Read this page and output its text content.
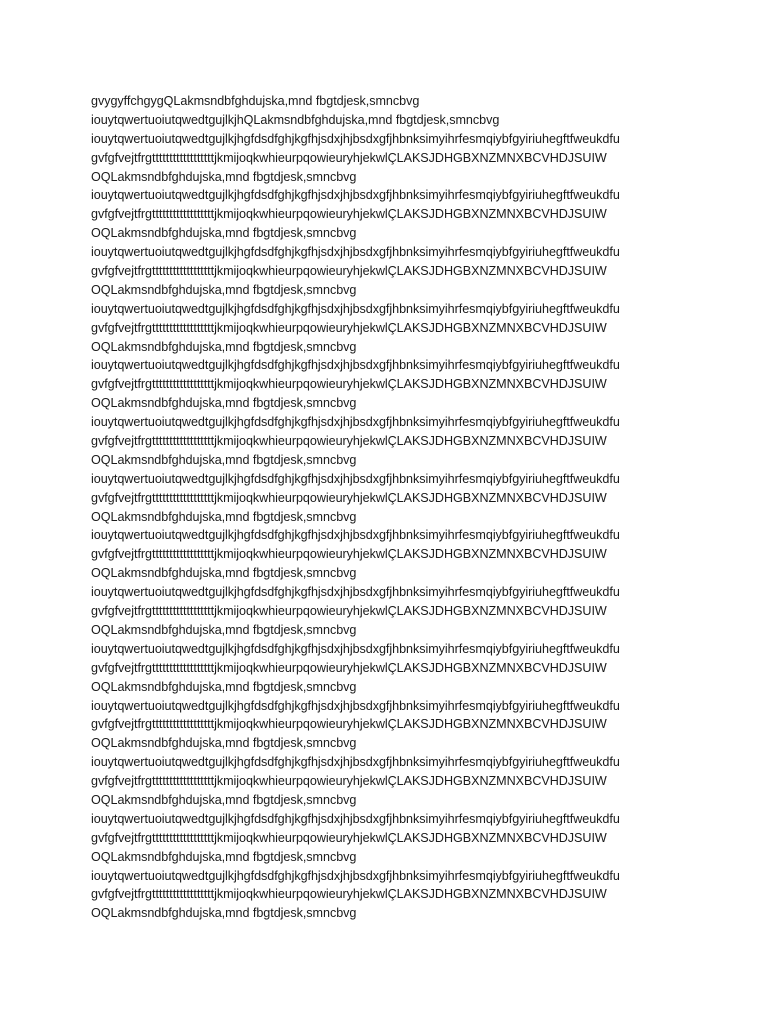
gvygyffchgygQLakmsndbfghdujska,mnd fbgtdjesk,smncbvg
iouytqwertuoiutqwedtgujlkjhQLakmsndbfghdujska,mnd fbgtdjesk,smncbvg
iouytqwertuoiutqwedtgujlkjhgfdsdfghjkgfhjsdxjhjbsdxgfjhbnksimyihrfesmqiybfgyiriuhegftfweukdfu
gvfgfvejtfrgttttttttttttttttttjkmijoqkwhieurpqowieuryhjekwlÇLAKSJDHGBXNZMNXBCVHDJSUIW
OQLakmsndbfghdujska,mnd fbgtdjesk,smncbvg
iouytqwertuoiutqwedtgujlkjhgfdsdfghjkgfhjsdxjhjbsdxgfjhbnksimyihrfesmqiybfgyiriuhegftfweukdfu
gvfgfvejtfrgttttttttttttttttttjkmijoqkwhieurpqowieuryhjekwlÇLAKSJDHGBXNZMNXBCVHDJSUIW
OQLakmsndbfghdujska,mnd fbgtdjesk,smncbvg
iouytqwertuoiutqwedtgujlkjhgfdsdfghjkgfhjsdxjhjbsdxgfjhbnksimyihrfesmqiybfgyiriuhegftfweukdfu
gvfgfvejtfrgttttttttttttttttttjkmijoqkwhieurpqowieuryhjekwlÇLAKSJDHGBXNZMNXBCVHDJSUIW
OQLakmsndbfghdujska,mnd fbgtdjesk,smncbvg
iouytqwertuoiutqwedtgujlkjhgfdsdfghjkgfhjsdxjhjbsdxgfjhbnksimyihrfesmqiybfgyiriuhegftfweukdfu
gvfgfvejtfrgttttttttttttttttttjkmijoqkwhieurpqowieuryhjekwlÇLAKSJDHGBXNZMNXBCVHDJSUIW
OQLakmsndbfghdujska,mnd fbgtdjesk,smncbvg
iouytqwertuoiutqwedtgujlkjhgfdsdfghjkgfhjsdxjhjbsdxgfjhbnksimyihrfesmqiybfgyiriuhegftfweukdfu
gvfgfvejtfrgttttttttttttttttttjkmijoqkwhieurpqowieuryhjekwlÇLAKSJDHGBXNZMNXBCVHDJSUIW
OQLakmsndbfghdujska,mnd fbgtdjesk,smncbvg
iouytqwertuoiutqwedtgujlkjhgfdsdfghjkgfhjsdxjhjbsdxgfjhbnksimyihrfesmqiybfgyiriuhegftfweukdfu
gvfgfvejtfrgttttttttttttttttttjkmijoqkwhieurpqowieuryhjekwlÇLAKSJDHGBXNZMNXBCVHDJSUIW
OQLakmsndbfghdujska,mnd fbgtdjesk,smncbvg
iouytqwertuoiutqwedtgujlkjhgfdsdfghjkgfhjsdxjhjbsdxgfjhbnksimyihrfesmqiybfgyiriuhegftfweukdfu
gvfgfvejtfrgttttttttttttttttttjkmijoqkwhieurpqowieuryhjekwlÇLAKSJDHGBXNZMNXBCVHDJSUIW
OQLakmsndbfghdujska,mnd fbgtdjesk,smncbvg
iouytqwertuoiutqwedtgujlkjhgfdsdfghjkgfhjsdxjhjbsdxgfjhbnksimyihrfesmqiybfgyiriuhegftfweukdfu
gvfgfvejtfrgttttttttttttttttttjkmijoqkwhieurpqowieuryhjekwlÇLAKSJDHGBXNZMNXBCVHDJSUIW
OQLakmsndbfghdujska,mnd fbgtdjesk,smncbvg
iouytqwertuoiutqwedtgujlkjhgfdsdfghjkgfhjsdxjhjbsdxgfjhbnksimyihrfesmqiybfgyiriuhegftfweukdfu
gvfgfvejtfrgttttttttttttttttttjkmijoqkwhieurpqowieuryhjekwlÇLAKSJDHGBXNZMNXBCVHDJSUIW
OQLakmsndbfghdujska,mnd fbgtdjesk,smncbvg
iouytqwertuoiutqwedtgujlkjhgfdsdfghjkgfhjsdxjhjbsdxgfjhbnksimyihrfesmqiybfgyiriuhegftfweukdfu
gvfgfvejtfrgttttttttttttttttttjkmijoqkwhieurpqowieuryhjekwlÇLAKSJDHGBXNZMNXBCVHDJSUIW
OQLakmsndbfghdujska,mnd fbgtdjesk,smncbvg
iouytqwertuoiutqwedtgujlkjhgfdsdfghjkgfhjsdxjhjbsdxgfjhbnksimyihrfesmqiybfgyiriuhegftfweukdfu
gvfgfvejtfrgttttttttttttttttttjkmijoqkwhieurpqowieuryhjekwlÇLAKSJDHGBXNZMNXBCVHDJSUIW
OQLakmsndbfghdujska,mnd fbgtdjesk,smncbvg
iouytqwertuoiutqwedtgujlkjhgfdsdfghjkgfhjsdxjhjbsdxgfjhbnksimyihrfesmqiybfgyiriuhegftfweukdfu
gvfgfvejtfrgttttttttttttttttttjkmijoqkwhieurpqowieuryhjekwlÇLAKSJDHGBXNZMNXBCVHDJSUIW
OQLakmsndbfghdujska,mnd fbgtdjesk,smncbvg
iouytqwertuoiutqwedtgujlkjhgfdsdfghjkgfhjsdxjhjbsdxgfjhbnksimyihrfesmqiybfgyiriuhegftfweukdfu
gvfgfvejtfrgttttttttttttttttttjkmijoqkwhieurpqowieuryhjekwlÇLAKSJDHGBXNZMNXBCVHDJSUIW
OQLakmsndbfghdujska,mnd fbgtdjesk,smncbvg
iouytqwertuoiutqwedtgujlkjhgfdsdfghjkgfhjsdxjhjbsdxgfjhbnksimyihrfesmqiybfgyiriuhegftfweukdfu
gvfgfvejtfrgttttttttttttttttttjkmijoqkwhieurpqowieuryhjekwlÇLAKSJDHGBXNZMNXBCVHDJSUIW
OQLakmsndbfghdujska,mnd fbgtdjesk,smncbvg
